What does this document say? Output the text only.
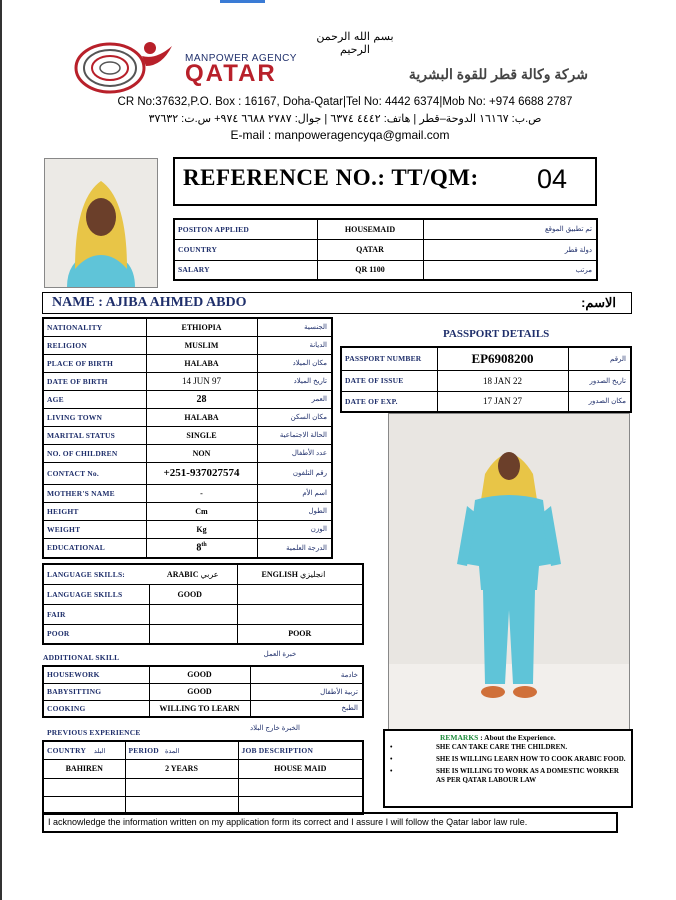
بسم الله الرحمن الرحيم
MANPOWER AGENCY
QATAR	شركة وكالة قطر للقوة البشرية
CR No:37632,P.O. Box : 16167, Doha-Qatar|Tel No: 4442 6374|Mob No: +974 6688 2787
ص.ب: ١٦١٦٧ الدوحة–قطر | هاتف: ٤٤٤٢ ٦٣٧٤ | جوال: ٢٧٨٧ ٦٦٨٨ ٩٧٤+ س.ت: ٣٧٦٣٢
E-mail : manpoweragencyqa@gmail.com
REFERENCE NO.: TT/QM: 04
POSITON APPLIED	HOUSEMAID	تم تطبيق الموقع
COUNTRY	QATAR	دولة قطر
SALARY	QR 1100	مرتب
NAME : AJIBA AHMED ABDO	الاسم:
NATIONALITY	ETHIOPIA	الجنسية
RELIGION	MUSLIM	الديانة
PLACE OF BIRTH	HALABA	مكان الميلاد
DATE OF BIRTH	14 JUN 97	تاريخ الميلاد
AGE	28	العمر
LIVING TOWN	HALABA	مكان السكن
MARITAL STATUS	SINGLE	الحالة الاجتماعية
NO. OF CHILDREN	NON	عدد الأطفال
CONTACT No.	+251-937027574	رقم التلفون
MOTHER'S NAME	-	اسم الأم
HEIGHT	Cm	الطول
WEIGHT	Kg	الوزن
EDUCATIONAL	8th	الدرجة العلمية
PASSPORT DETAILS
PASSPORT NUMBER	EP6908200	الرقم
DATE OF ISSUE	18 JAN 22	تاريخ الصدور
DATE OF EXP.	17 JAN 27	مكان الصدور
LANGUAGE SKILLS:	ARABIC عربي	ENGLISH انجليزي
LANGUAGE SKILLS	GOOD	
FAIR		
POOR		POOR
ADDITIONAL SKILL	خبرة العمل
HOUSEWORK	GOOD	خادمة
BABYSITTING	GOOD	تربية الأطفال
COOKING	WILLING TO LEARN	الطبخ
PREVIOUS EXPERIENCE	الخبرة خارج البلاد
COUNTRY البلد	PERIOD المدة	JOB DESCRIPTION
BAHIREN	2 YEARS	HOUSE MAID

REMARKS : About the Experience.
•	SHE CAN TAKE CARE THE CHILDREN.
•	SHE IS WILLING LEARN HOW TO COOK ARABIC FOOD.
•	SHE IS WILLING TO WORK AS A DOMESTIC WORKER AS PER QATAR LABOUR LAW
I acknowledge the information written on my application form its correct and I assure I will follow the Qatar labor law rule.
